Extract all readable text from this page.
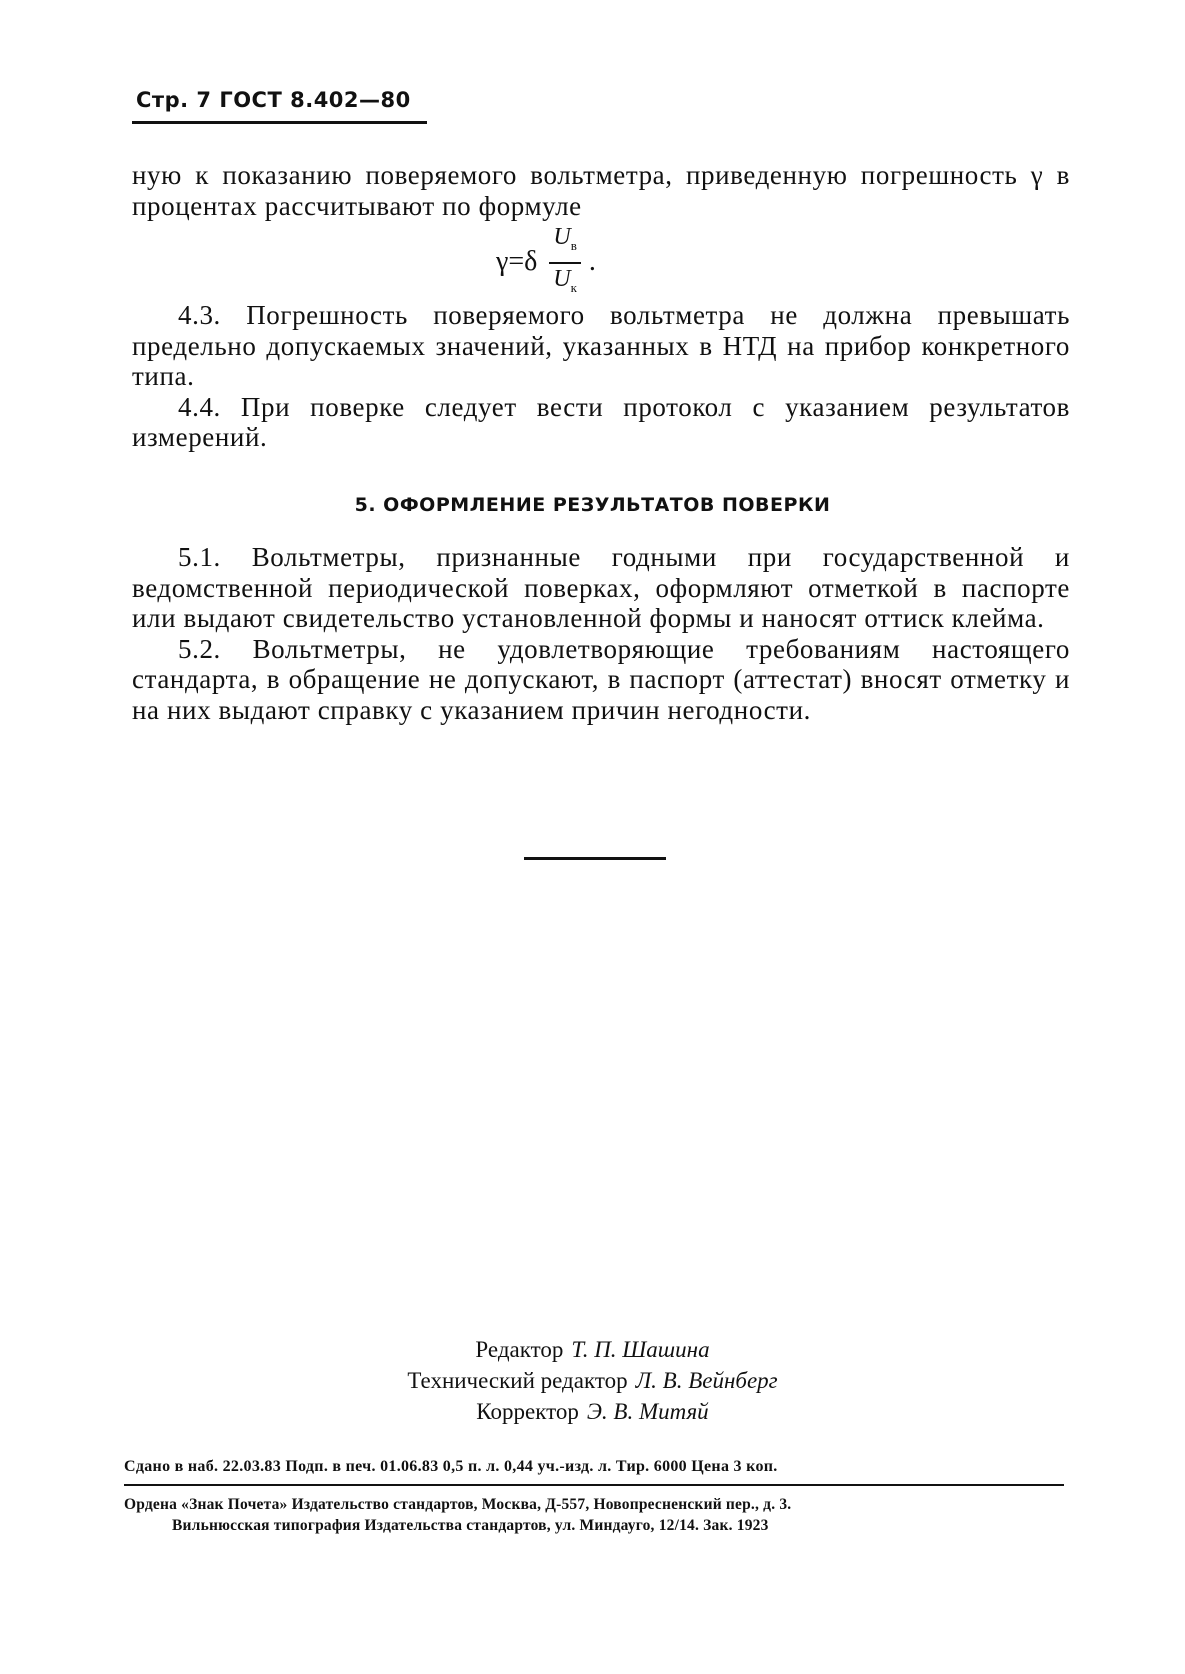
Стр. 7 ГОСТ 8.402—80

ную к показанию поверяемого вольтметра, приведенную погрешность γ в процентах рассчитывают по формуле

$\gamma=\delta \frac{U_в}{U_к}$ .

4.3. Погрешность поверяемого вольтметра не должна превышать предельно допускаемых значений, указанных в НТД на прибор конкретного типа.

4.4. При поверке следует вести протокол с указанием результатов измерений.

5. ОФОРМЛЕНИЕ РЕЗУЛЬТАТОВ ПОВЕРКИ

5.1. Вольтметры, признанные годными при государственной и ведомственной периодической поверках, оформляют отметкой в паспорте или выдают свидетельство установленной формы и наносят оттиск клейма.

5.2. Вольтметры, не удовлетворяющие требованиям настоящего стандарта, в обращение не допускают, в паспорт (аттестат) вносят отметку и на них выдают справку с указанием причин негодности.

Редактор Т. П. Шашина
Технический редактор Л. В. Вейнберг
Корректор Э. В. Митяй
Сдано в наб. 22.03.83 Подп. в печ. 01.06.83 0,5 п. л. 0,44 уч.-изд. л. Тир. 6000 Цена 3 коп.
Ордена «Знак Почета» Издательство стандартов, Москва, Д-557, Новопресненский пер., д. 3.
Вильнюсская типография Издательства стандартов, ул. Миндауго, 12/14. Зак. 1923
